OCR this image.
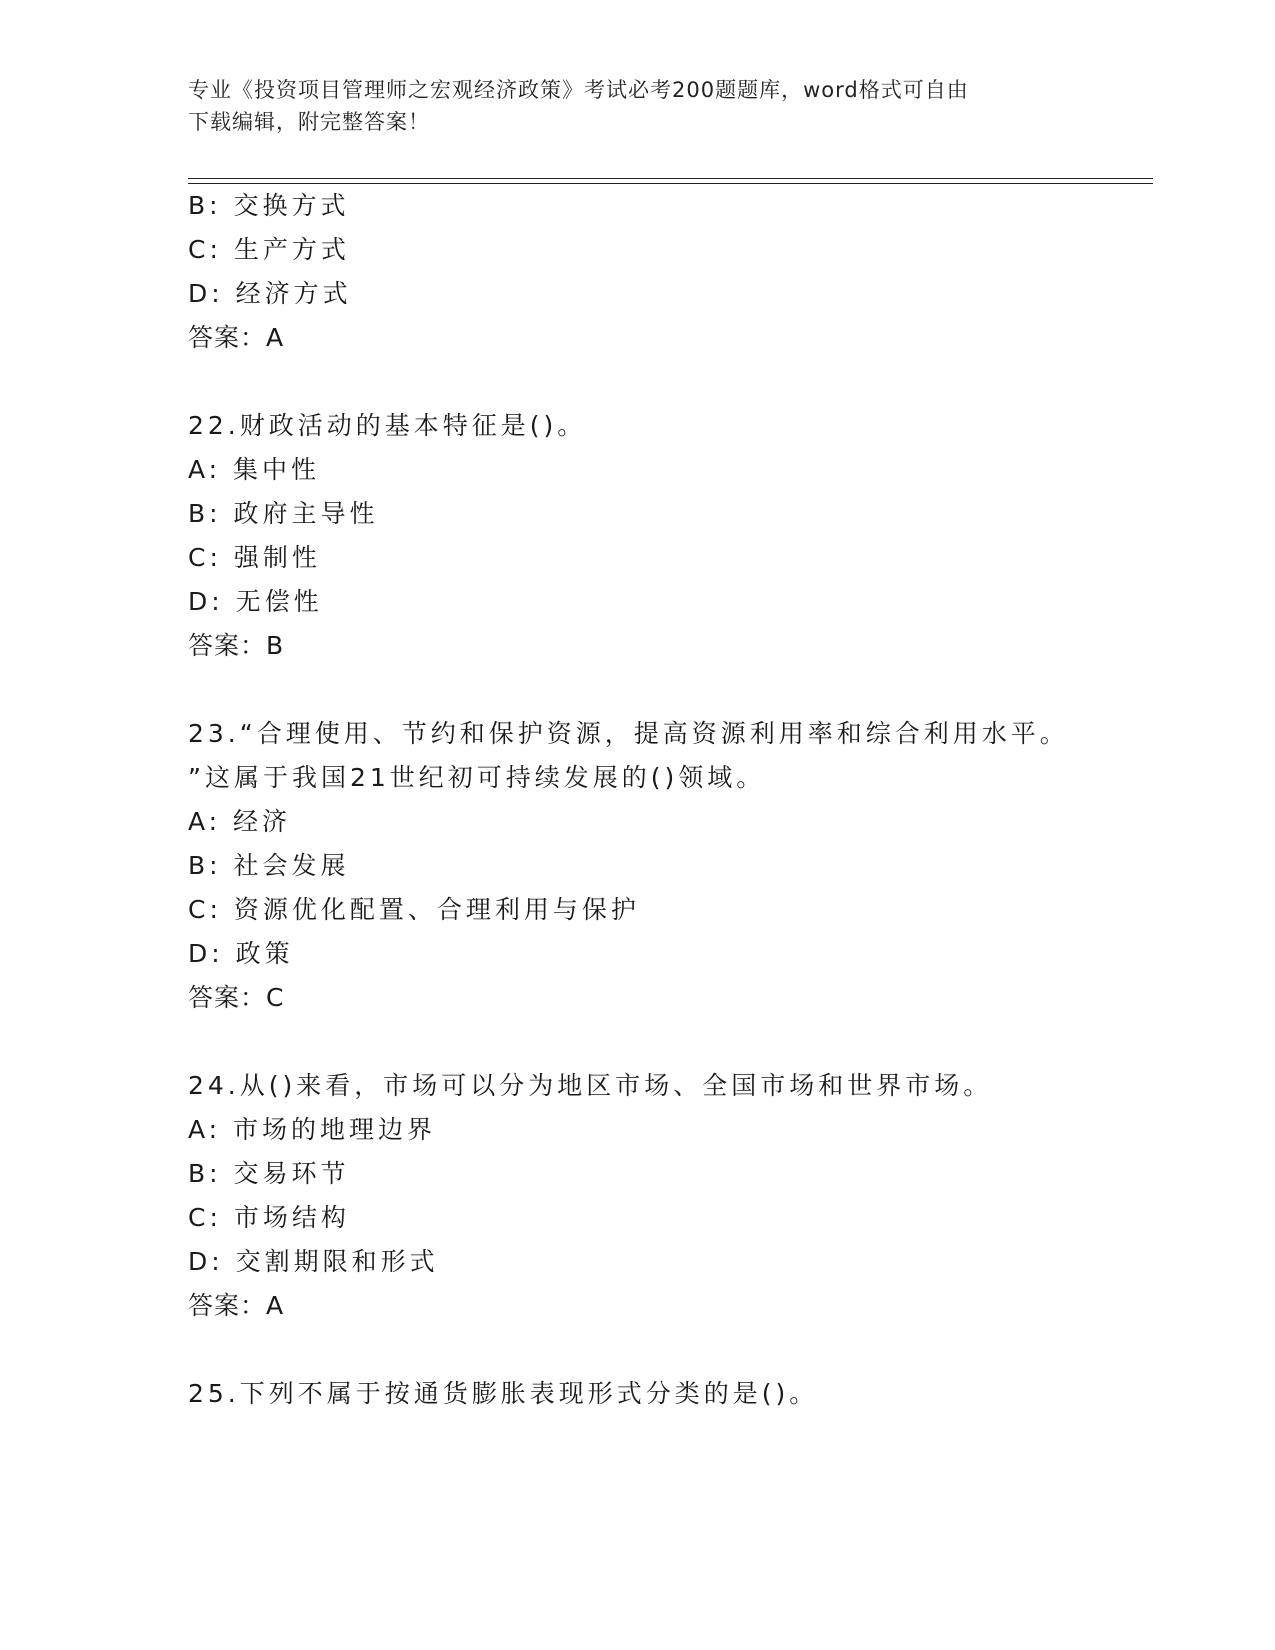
专业《投资项目管理师之宏观经济政策》考试必考200题题库，word格式可自由
下载编辑，附完整答案！
B: 交换方式
C: 生产方式
D: 经济方式
答案：A
22.财政活动的基本特征是()。
A: 集中性
B: 政府主导性
C: 强制性
D: 无偿性
答案：B
23.“合理使用、节约和保护资源，提高资源利用率和综合利用水平。
”这属于我国21世纪初可持续发展的()领域。
A: 经济
B: 社会发展
C: 资源优化配置、合理利用与保护
D: 政策
答案：C
24.从()来看，市场可以分为地区市场、全国市场和世界市场。
A: 市场的地理边界
B: 交易环节
C: 市场结构
D: 交割期限和形式
答案：A
25.下列不属于按通货膨胀表现形式分类的是()。
